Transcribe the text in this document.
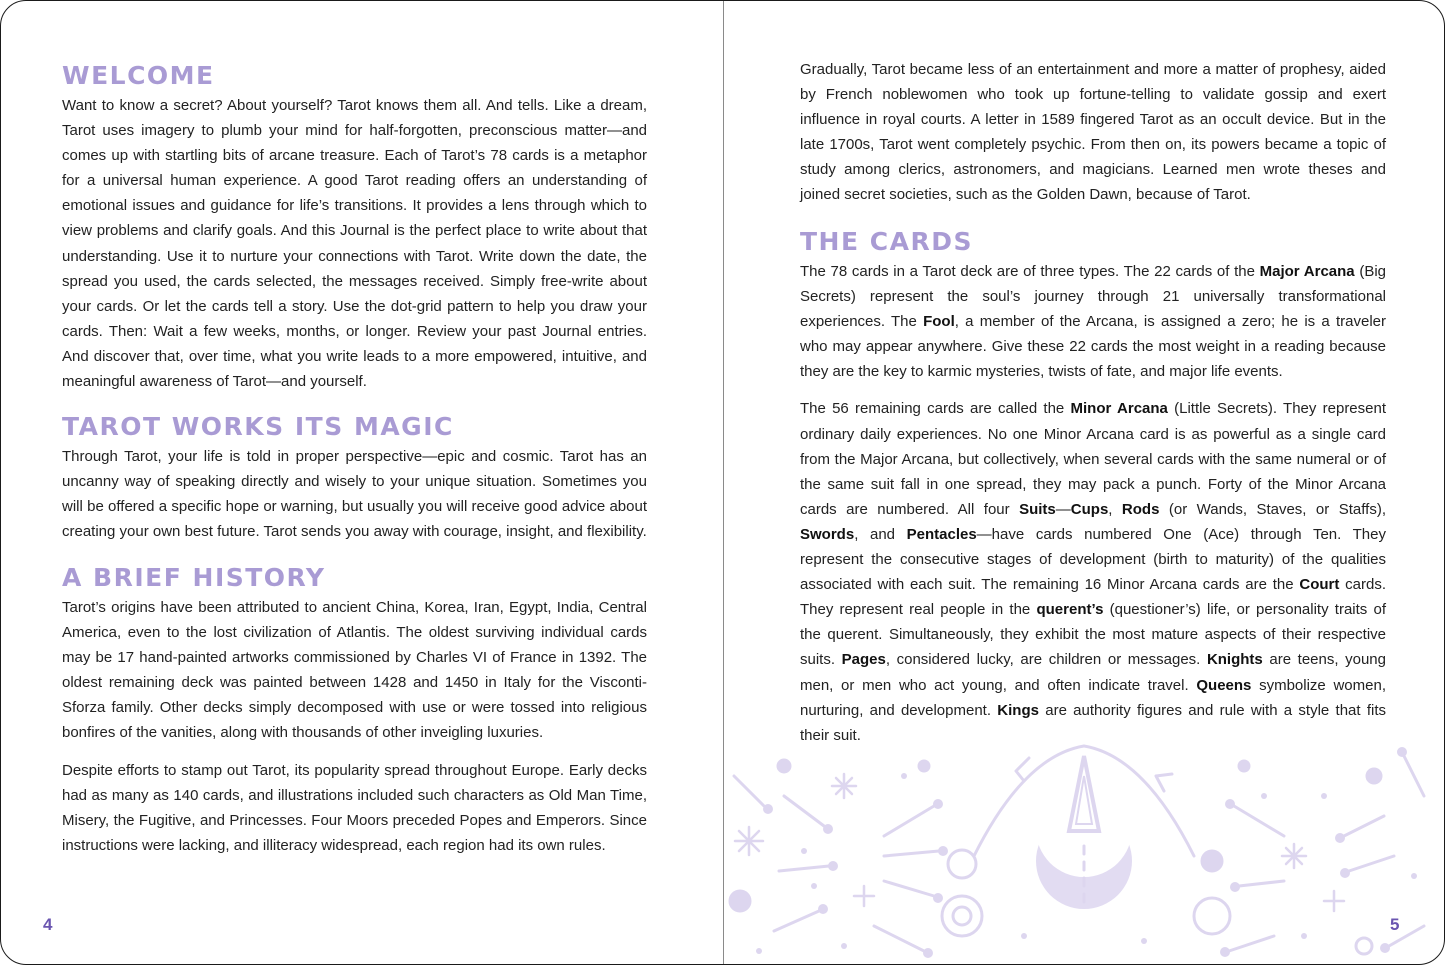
WELCOME

Want to know a secret? About yourself? Tarot knows them all. And tells. Like a dream, Tarot uses imagery to plumb your mind for half-forgotten, preconscious matter—and comes up with startling bits of arcane treasure. Each of Tarot’s 78 cards is a metaphor for a universal human experience. A good Tarot reading offers an understanding of emotional issues and guidance for life’s transitions. It provides a lens through which to view problems and clarify goals. And this Journal is the perfect place to write about that understanding. Use it to nurture your connections with Tarot. Write down the date, the spread you used, the cards selected, the messages received. Simply free-write about your cards. Or let the cards tell a story. Use the dot-grid pattern to help you draw your cards. Then: Wait a few weeks, months, or longer. Review your past Journal entries. And discover that, over time, what you write leads to a more empowered, intuitive, and meaningful awareness of Tarot—and yourself.

TAROT WORKS ITS MAGIC

Through Tarot, your life is told in proper perspective—epic and cosmic. Tarot has an uncanny way of speaking directly and wisely to your unique situation. Sometimes you will be offered a specific hope or warning, but usually you will receive good advice about creating your own best future. Tarot sends you away with courage, insight, and flexibility.

A BRIEF HISTORY

Tarot’s origins have been attributed to ancient China, Korea, Iran, Egypt, India, Central America, even to the lost civilization of Atlantis. The oldest surviving individual cards may be 17 hand-painted artworks commissioned by Charles VI of France in 1392. The oldest remaining deck was painted between 1428 and 1450 in Italy for the Visconti-Sforza family. Other decks simply decomposed with use or were tossed into religious bonfires of the vanities, along with thousands of other inveigling luxuries.

Despite efforts to stamp out Tarot, its popularity spread throughout Europe. Early decks had as many as 140 cards, and illustrations included such characters as Old Man Time, Misery, the Fugitive, and Princesses. Four Moors preceded Popes and Emperors. Since instructions were lacking, and illiteracy widespread, each region had its own rules.

4

Gradually, Tarot became less of an entertainment and more a matter of prophesy, aided by French noblewomen who took up fortune-telling to validate gossip and exert influence in royal courts. A letter in 1589 fingered Tarot as an occult device. But in the late 1700s, Tarot went completely psychic. From then on, its powers became a topic of study among clerics, astronomers, and magicians. Learned men wrote theses and joined secret societies, such as the Golden Dawn, because of Tarot.

THE CARDS

The 78 cards in a Tarot deck are of three types. The 22 cards of the Major Arcana (Big Secrets) represent the soul’s journey through 21 universally transformational experiences. The Fool, a member of the Arcana, is assigned a zero; he is a traveler who may appear anywhere. Give these 22 cards the most weight in a reading because they are the key to karmic mysteries, twists of fate, and major life events.

The 56 remaining cards are called the Minor Arcana (Little Secrets). They represent ordinary daily experiences. No one Minor Arcana card is as powerful as a single card from the Major Arcana, but collectively, when several cards with the same numeral or of the same suit fall in one spread, they may pack a punch. Forty of the Minor Arcana cards are numbered. All four Suits—Cups, Rods (or Wands, Staves, or Staffs), Swords, and Pentacles—have cards numbered One (Ace) through Ten. They represent the consecutive stages of development (birth to maturity) of the qualities associated with each suit. The remaining 16 Minor Arcana cards are the Court cards. They represent real people in the querent’s (questioner’s) life, or personality traits of the querent. Simultaneously, they exhibit the most mature aspects of their respective suits. Pages, considered lucky, are children or messages. Knights are teens, young men, or men who act young, and often indicate travel. Queens symbolize women, nurturing, and development. Kings are authority figures and rule with a style that fits their suit.

5
